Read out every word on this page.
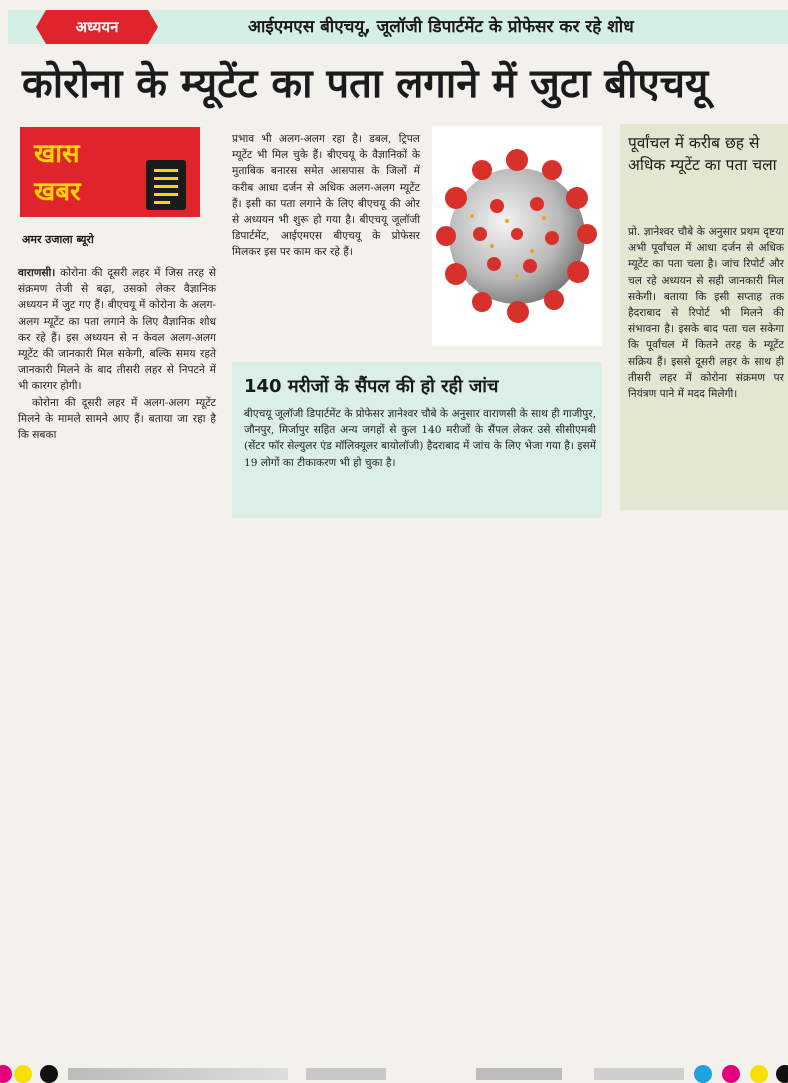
अध्ययन	आईएमएस बीएचयू, जूलॉजी डिपार्टमेंट के प्रोफेसर कर रहे शोध
कोरोना के म्यूटेंट का पता लगाने में जुटा बीएचयू
खास
खबर
अमर उजाला ब्यूरो
वाराणसी। कोरोना की दूसरी लहर में जिस तरह से संक्रमण तेजी से बढ़ा, उसको लेकर वैज्ञानिक अध्ययन में जुट गए हैं। बीएचयू में कोरोना के अलग-अलग म्यूटेंट का पता लगाने के लिए वैज्ञानिक शोध कर रहे हैं। इस अध्ययन से न केवल अलग-अलग म्यूटेंट की जानकारी मिल सकेगी, बल्कि समय रहते जानकारी मिलने के बाद तीसरी लहर से निपटने में भी कारगर होगी।
कोरोना की दूसरी लहर में अलग-अलग म्यूटेंट मिलने के मामले सामने आए हैं। बताया जा रहा है कि सबका
प्रभाव भी अलग-अलग रहा है। डबल, ट्रिपल म्यूटेंट भी मिल चुके हैं। बीएचयू के वैज्ञानिकों के मुताबिक बनारस समेत आसपास के जिलों में करीब आधा दर्जन से अधिक अलग-अलग म्यूटेंट हैं। इसी का पता लगाने के लिए बीएचयू की ओर से अध्ययन भी शुरू हो गया है। बीएचयू जूलॉजी डिपार्टमेंट, आईएमएस बीएचयू के प्रोफेसर मिलकर इस पर काम कर रहे हैं।
पूर्वांचल में करीब छह से अधिक म्यूटेंट का पता चला
प्रो. ज्ञानेश्वर चौबे के अनुसार प्रथम दृष्टया अभी पूर्वांचल में आधा दर्जन से अधिक म्यूटेंट का पता चला है। जांच रिपोर्ट और चल रहे अध्ययन से सही जानकारी मिल सकेगी। बताया कि इसी सप्ताह तक हैदराबाद से रिपोर्ट भी मिलने की संभावना है। इसके बाद पता चल सकेगा कि पूर्वांचल में कितने तरह के म्यूटेंट सक्रिय हैं। इससे दूसरी लहर के साथ ही तीसरी लहर में कोरोना संक्रमण पर नियंत्रण पाने में मदद मिलेगी।
140 मरीजों के सैंपल की हो रही जांच
बीएचयू जूलॉजी डिपार्टमेंट के प्रोफेसर ज्ञानेश्वर चौबे के अनुसार वाराणसी के साथ ही गाजीपुर, जौनपुर, मिर्जापुर सहित अन्य जगहों से कुल 140 मरीजों के सैंपल लेकर उसे सीसीएमबी (सेंटर फॉर सेल्युलर एंड मॉलिक्यूलर बायोलॉजी) हैदराबाद में जांच के लिए भेजा गया है। इसमें 19 लोगों का टीकाकरण भी हो चुका है।
